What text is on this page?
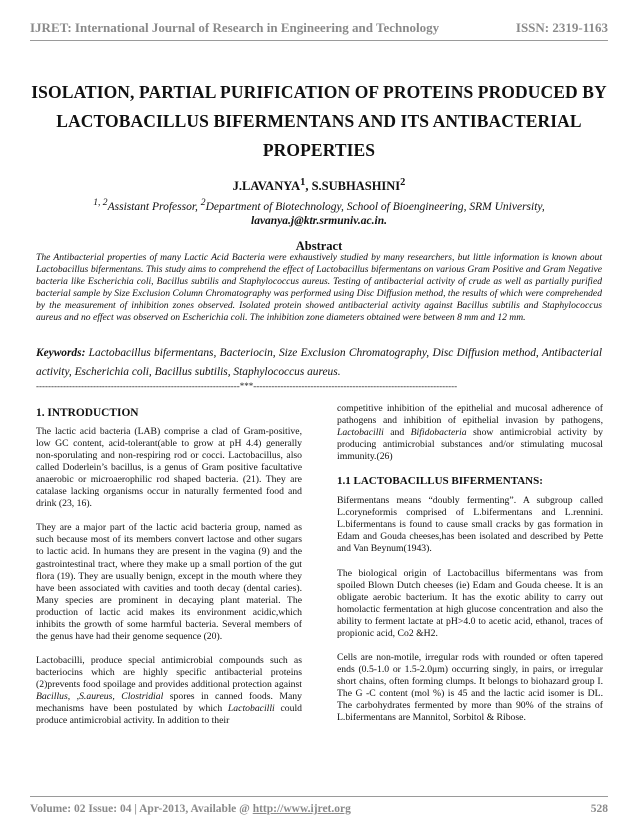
IJRET: International Journal of Research in Engineering and Technology	ISSN: 2319-1163
ISOLATION, PARTIAL PURIFICATION OF PROTEINS PRODUCED BY
LACTOBACILLUS BIFERMENTANS AND ITS ANTIBACTERIAL
PROPERTIES
J.LAVANYA$^1$, S.SUBHASHINI$^2$
$^{1, 2}$Assistant Professor, $^2$Department of Biotechnology, School of Bioengineering, SRM University,
lavanya.j@ktr.srmuniv.ac.in.
Abstract
The Antibacterial properties of many Lactic Acid Bacteria were exhaustively studied by many researchers, but little information is known about Lactobacillus bifermentans. This study aims to comprehend the effect of Lactobacillus bifermentans on various Gram Positive and Gram Negative bacteria like Escherichia coli, Bacillus subtilis and Staphylococcus aureus. Testing of antibacterial activity of crude as well as partially purified bacterial sample by Size Exclusion Column Chromatography was performed using Disc Diffusion method, the results of which were comprehended by the measurement of inhibition zones observed. Isolated protein showed antibacterial activity against Bacillus subtilis and Staphylococcus aureus and no effect was observed on Escherichia coli. The inhibition zone diameters obtained were between 8 mm and 12 mm.
Keywords: Lactobacillus bifermentans, Bacteriocin, Size Exclusion Chromatography, Disc Diffusion method, Antibacterial activity, Escherichia coli, Bacillus subtilis, Staphylococcus aureus.
--------------------------------------------------------------------***--------------------------------------------------------------------
1. INTRODUCTION

The lactic acid bacteria (LAB) comprise a clad of Gram-positive, low GC content, acid-tolerant(able to grow at pH 4.4) generally non-sporulating and non-respiring rod or cocci. Lactobacillus, also called Doderlein’s bacillus, is a genus of Gram positive facultative anaerobic or microaerophilic rod shaped bacteria. (21). They are catalase lacking organisms occur in naturally fermented food and drink (23, 16).

They are a major part of the lactic acid bacteria group, named as such because most of its members convert lactose and other sugars to lactic acid. In humans they are present in the vagina (9) and the gastrointestinal tract, where they make up a small portion of the gut flora (19). They are usually benign, except in the mouth where they have been associated with cavities and tooth decay (dental caries). Many species are prominent in decaying plant material. The production of lactic acid makes its environment acidic,which inhibits the growth of some harmful bacteria. Several members of the genus have had their genome sequence (20).

Lactobacilli, produce special antimicrobial compounds such as bacteriocins which are highly specific antibacterial proteins (2)prevents food spoilage and provides additional protection against Bacillus, ,S.aureus, Clostridial spores in canned foods. Many mechanisms have been postulated by which Lactobacilli could produce antimicrobial activity. In addition to their

competitive inhibition of the epithelial and mucosal adherence of pathogens and inhibition of epithelial invasion by pathogens, Lactobacilli and Bifidobacteria show antimicrobial activity by producing antimicrobial substances and/or stimulating mucosal immunity.(26)

1.1 LACTOBACILLUS BIFERMENTANS:

Bifermentans means “doubly fermenting”. A subgroup called L.coryneformis comprised of L.bifermentans and L.rennini. L.bifermentans is found to cause small cracks by gas formation in Edam and Gouda cheeses,has been isolated and described by Pette and Van Beynum(1943).

The biological origin of Lactobacillus bifermentans was from spoiled Blown Dutch cheeses (ie) Edam and Gouda cheese. It is an obligate aerobic bacterium. It has the exotic ability to carry out homolactic fermentation at high glucose concentration and also the ability to ferment lactate at pH>4.0 to acetic acid, ethanol, traces of propionic acid, Co2 &H2.

Cells are non-motile, irregular rods with rounded or often tapered ends (0.5-1.0 or 1.5-2.0μm) occurring singly, in pairs, or irregular short chains, often forming clumps. It belongs to biohazard group I. The G -C content (mol %) is 45 and the lactic acid isomer is DL. The carbohydrates fermented by more than 90% of the strains of L.bifermentans are Mannitol, Sorbitol & Ribose.

Volume: 02 Issue: 04 | Apr-2013, Available @ http://www.ijret.org	528
